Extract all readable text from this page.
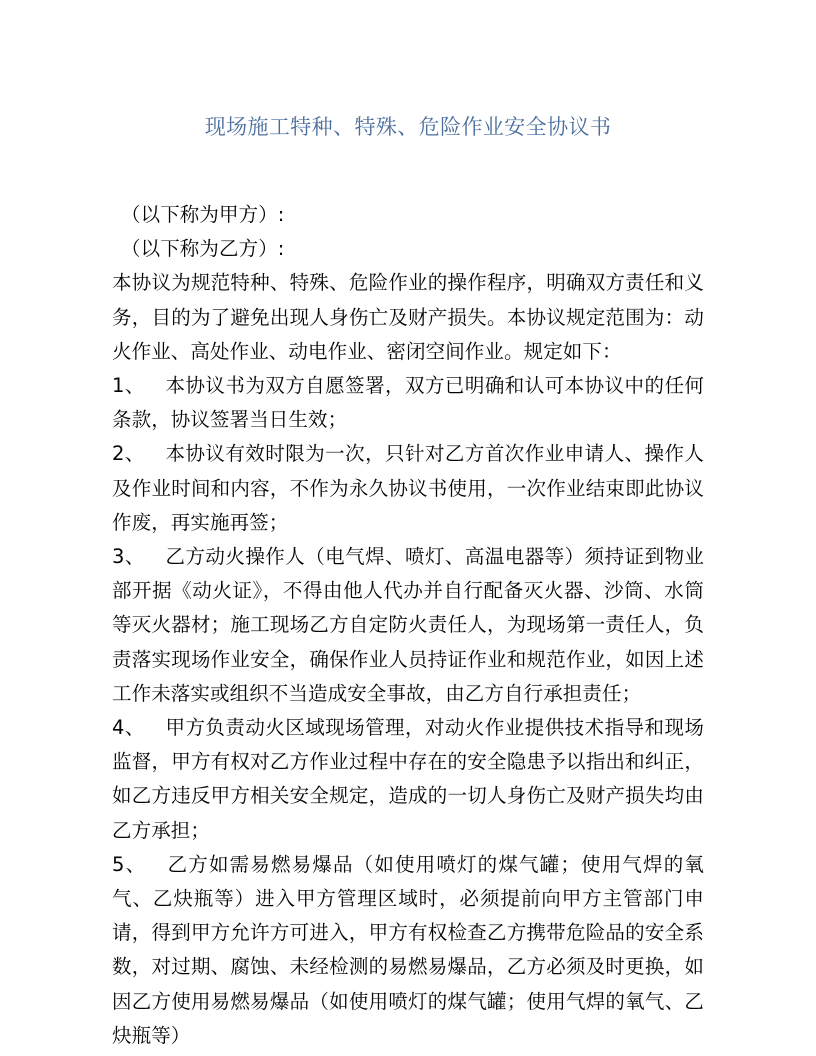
现场施工特种、特殊、危险作业安全协议书

（以下称为甲方）:

（以下称为乙方）:

本协议为规范特种、特殊、危险作业的操作程序，明确双方责任和义务，目的为了避免出现人身伤亡及财产损失。本协议规定范围为：动火作业、高处作业、动电作业、密闭空间作业。规定如下：

1、 本协议书为双方自愿签署，双方已明确和认可本协议中的任何条款，协议签署当日生效；

2、 本协议有效时限为一次，只针对乙方首次作业申请人、操作人及作业时间和内容，不作为永久协议书使用，一次作业结束即此协议作废，再实施再签；

3、 乙方动火操作人（电气焊、喷灯、高温电器等）须持证到物业部开据《动火证》，不得由他人代办并自行配备灭火器、沙筒、水筒等灭火器材；施工现场乙方自定防火责任人，为现场第一责任人，负责落实现场作业安全，确保作业人员持证作业和规范作业，如因上述工作未落实或组织不当造成安全事故，由乙方自行承担责任；

4、 甲方负责动火区域现场管理，对动火作业提供技术指导和现场监督，甲方有权对乙方作业过程中存在的安全隐患予以指出和纠正，如乙方违反甲方相关安全规定，造成的一切人身伤亡及财产损失均由乙方承担；

5、 乙方如需易燃易爆品（如使用喷灯的煤气罐；使用气焊的氧气、乙炔瓶等）进入甲方管理区域时，必须提前向甲方主管部门申请，得到甲方允许方可进入，甲方有权检查乙方携带危险品的安全系数，对过期、腐蚀、未经检测的易燃易爆品，乙方必须及时更换，如因乙方使用易燃易爆品（如使用喷灯的煤气罐；使用气焊的氧气、乙炔瓶等）
